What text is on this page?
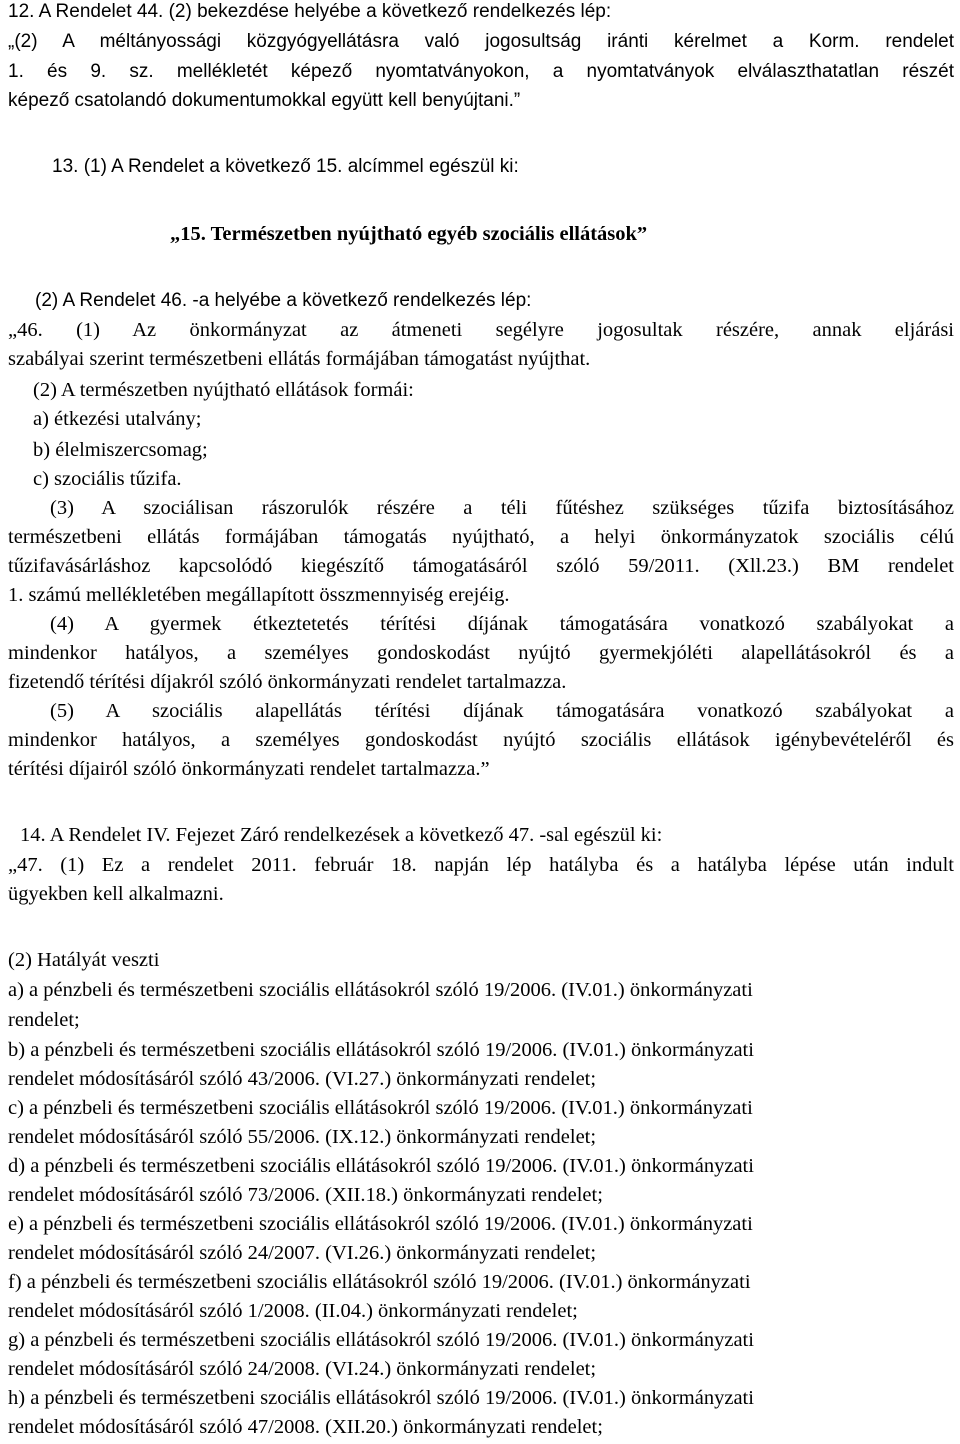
12. A Rendelet 44. (2) bekezdése helyébe a következő rendelkezés lép:
„(2) A méltányossági közgyógyellátásra való jogosultság iránti kérelmet a Korm. rendelet
1. és 9. sz. mellékletét képező nyomtatványokon, a nyomtatványok elválaszthatatlan részét
képező csatolandó dokumentumokkal együtt kell benyújtani.”
13. (1) A Rendelet a következő 15. alcímmel egészül ki:
„15. Természetben nyújtható egyéb szociális ellátások”
(2) A Rendelet 46. -a helyébe a következő rendelkezés lép:
„46. (1) Az önkormányzat az átmeneti segélyre jogosultak részére, annak eljárási
szabályai szerint természetbeni ellátás formájában támogatást nyújthat.
(2) A természetben nyújtható ellátások formái:
a) étkezési utalvány;
b) élelmiszercsomag;
c) szociális tűzifa.
(3) A szociálisan rászorulók részére a téli fűtéshez szükséges tűzifa biztosításához
természetbeni ellátás formájában támogatás nyújtható, a helyi önkormányzatok szociális célú
tűzifavásárláshoz kapcsolódó kiegészítő támogatásáról szóló 59/2011. (Xll.23.) BM rendelet
1. számú mellékletében megállapított összmennyiség erejéig.
(4) A gyermek étkeztetetés térítési díjának támogatására vonatkozó szabályokat a
mindenkor hatályos, a személyes gondoskodást nyújtó gyermekjóléti alapellátásokról és a
fizetendő térítési díjakról szóló önkormányzati rendelet tartalmazza.
(5) A szociális alapellátás térítési díjának támogatására vonatkozó szabályokat a
mindenkor hatályos, a személyes gondoskodást nyújtó szociális ellátások igénybevételéről és
térítési díjairól szóló önkormányzati rendelet tartalmazza.”
14. A Rendelet IV. Fejezet Záró rendelkezések a következő 47. -sal egészül ki:
„47. (1) Ez a rendelet 2011. február 18. napján lép hatályba és a hatályba lépése után indult
ügyekben kell alkalmazni.
(2) Hatályát veszti
a) a pénzbeli és természetbeni szociális ellátásokról szóló 19/2006. (IV.01.) önkormányzati
rendelet;
b) a pénzbeli és természetbeni szociális ellátásokról szóló 19/2006. (IV.01.) önkormányzati
rendelet módosításáról szóló 43/2006. (VI.27.) önkormányzati rendelet;
c) a pénzbeli és természetbeni szociális ellátásokról szóló 19/2006. (IV.01.) önkormányzati
rendelet módosításáról szóló 55/2006. (IX.12.) önkormányzati rendelet;
d) a pénzbeli és természetbeni szociális ellátásokról szóló 19/2006. (IV.01.) önkormányzati
rendelet módosításáról szóló 73/2006. (XII.18.) önkormányzati rendelet;
e) a pénzbeli és természetbeni szociális ellátásokról szóló 19/2006. (IV.01.) önkormányzati
rendelet módosításáról szóló 24/2007. (VI.26.) önkormányzati rendelet;
f) a pénzbeli és természetbeni szociális ellátásokról szóló 19/2006. (IV.01.) önkormányzati
rendelet módosításáról szóló 1/2008. (II.04.) önkormányzati rendelet;
g) a pénzbeli és természetbeni szociális ellátásokról szóló 19/2006. (IV.01.) önkormányzati
rendelet módosításáról szóló 24/2008. (VI.24.) önkormányzati rendelet;
h) a pénzbeli és természetbeni szociális ellátásokról szóló 19/2006. (IV.01.) önkormányzati
rendelet módosításáról szóló 47/2008. (XII.20.) önkormányzati rendelet;
